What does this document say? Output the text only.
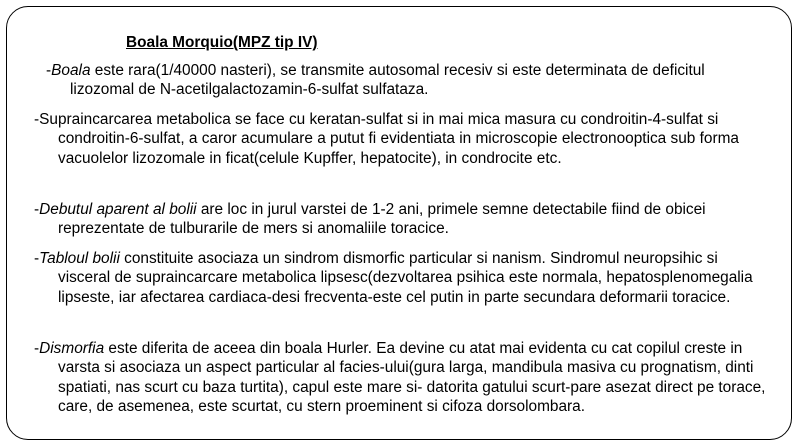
Boala Morquio(MPZ tip IV)

-Boala este rara(1/40000 nasteri), se transmite autosomal recesiv si este determinata de deficitul lizozomal de N-acetilgalactozamin-6-sulfat sulfataza.

-Supraincarcarea metabolica se face cu keratan-sulfat si in mai mica masura cu condroitin-4-sulfat si condroitin-6-sulfat, a caror acumulare a putut fi evidentiata in microscopie electronooptica sub forma vacuolelor lizozomale in ficat(celule Kupffer, hepatocite), in condrocite etc.

-Debutul aparent al bolii are loc in jurul varstei de 1-2 ani, primele semne detectabile fiind de obicei reprezentate de tulburarile de mers si anomaliile toracice.

-Tabloul bolii constituite asociaza un sindrom dismorfic particular si nanism. Sindromul neuropsihic si visceral de supraincarcare metabolica lipsesc(dezvoltarea psihica este normala, hepatosplenomegalia lipseste, iar afectarea cardiaca-desi frecventa-este cel putin in parte secundara deformarii toracice.

-Dismorfia este diferita de aceea din boala Hurler. Ea devine cu atat mai evidenta cu cat copilul creste in varsta si asociaza un aspect particular al facies-ului(gura larga, mandibula masiva cu prognatism, dinti spatiati, nas scurt cu baza turtita), capul este mare si- datorita gatului scurt-pare asezat direct pe torace, care, de asemenea, este scurtat, cu stern proeminent si cifoza dorsolombara.
